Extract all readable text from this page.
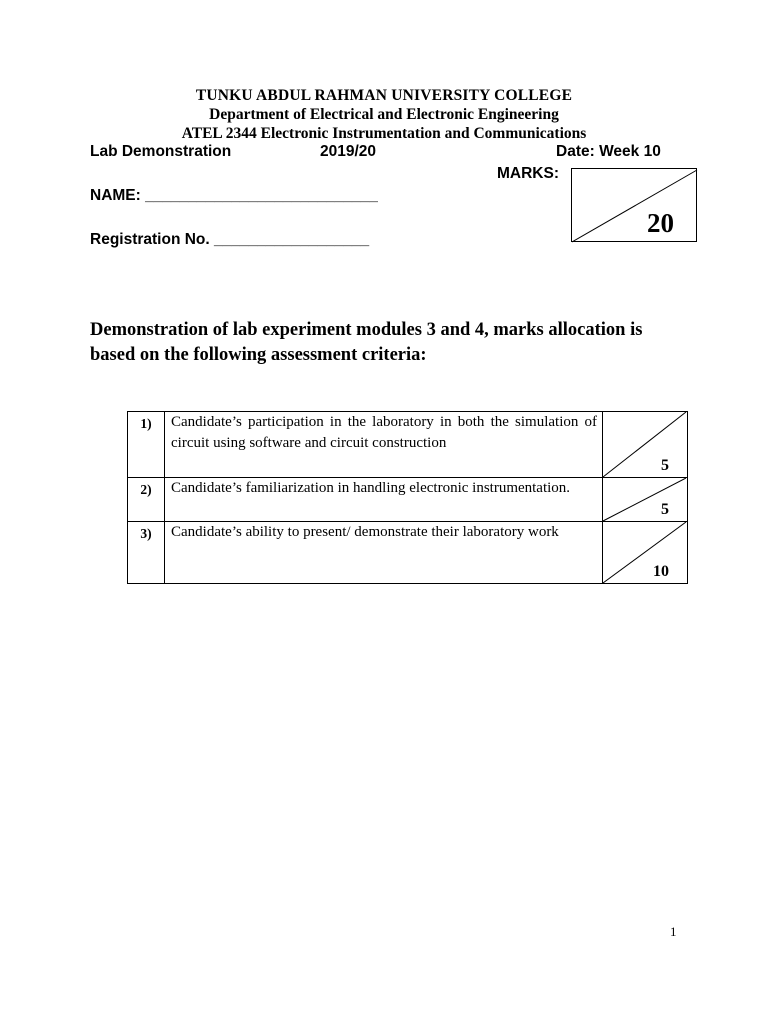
TUNKU ABDUL RAHMAN UNIVERSITY COLLEGE

Department of Electrical and Electronic Engineering

ATEL 2344 Electronic Instrumentation and Communications

Lab Demonstration	2019/20	Date: Week 10
MARKS:
20
NAME: ___________________________
Registration No. __________________
Demonstration of lab experiment modules 3 and 4, marks allocation is based on the following assessment criteria:
1)	Candidate’s participation in the laboratory in both the simulation of circuit using software and circuit construction	5

2)	Candidate’s familiarization in handling electronic instrumentation.	5

3)	Candidate’s ability to present/ demonstrate their laboratory work	10
1
